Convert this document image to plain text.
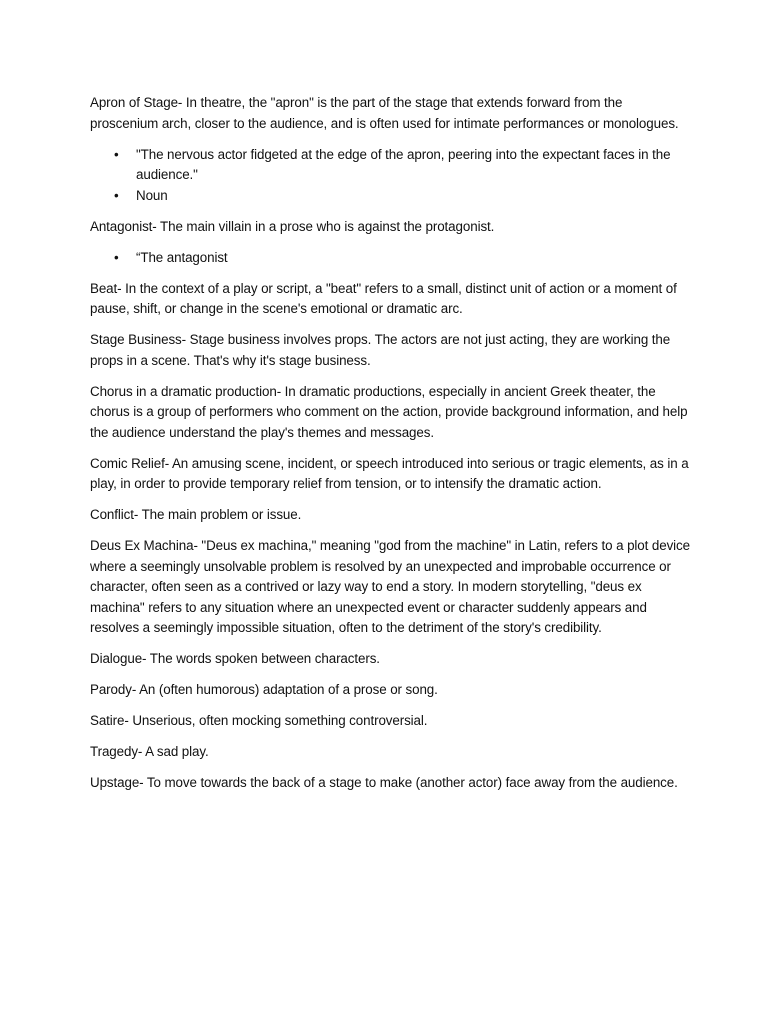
Apron of Stage- In theatre, the "apron" is the part of the stage that extends forward from the proscenium arch, closer to the audience, and is often used for intimate performances or monologues.

• "The nervous actor fidgeted at the edge of the apron, peering into the expectant faces in the audience."
• Noun

Antagonist- The main villain in a prose who is against the protagonist.

• “The antagonist

Beat- In the context of a play or script, a "beat" refers to a small, distinct unit of action or a moment of pause, shift, or change in the scene's emotional or dramatic arc.

Stage Business- Stage business involves props. The actors are not just acting, they are working the props in a scene. That's why it's stage business.

Chorus in a dramatic production- In dramatic productions, especially in ancient Greek theater, the chorus is a group of performers who comment on the action, provide background information, and help the audience understand the play's themes and messages.

Comic Relief- An amusing scene, incident, or speech introduced into serious or tragic elements, as in a play, in order to provide temporary relief from tension, or to intensify the dramatic action.

Conflict- The main problem or issue.

Deus Ex Machina- "Deus ex machina," meaning "god from the machine" in Latin, refers to a plot device where a seemingly unsolvable problem is resolved by an unexpected and improbable occurrence or character, often seen as a contrived or lazy way to end a story. In modern storytelling, "deus ex machina" refers to any situation where an unexpected event or character suddenly appears and resolves a seemingly impossible situation, often to the detriment of the story's credibility.

Dialogue- The words spoken between characters.

Parody- An (often humorous) adaptation of a prose or song.

Satire- Unserious, often mocking something controversial.

Tragedy- A sad play.

Upstage- To move towards the back of a stage to make (another actor) face away from the audience.
